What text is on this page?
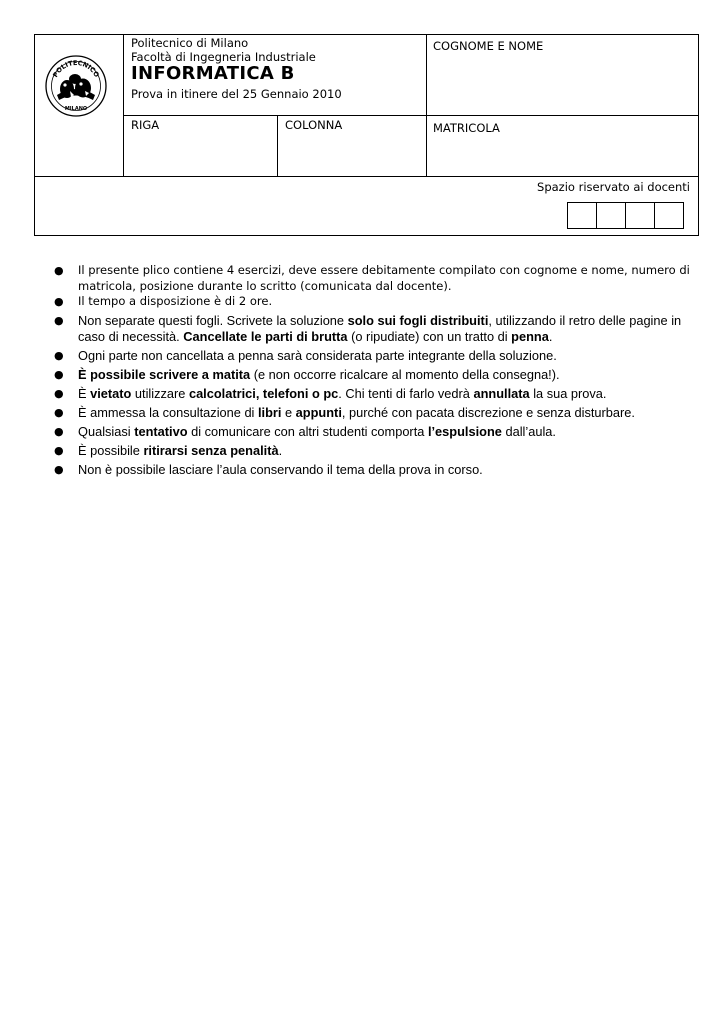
POLITECNICO
MILANO
Politecnico di Milano
Facoltà di Ingegneria Industriale
INFORMATICA B
Prova in itinere del 25 Gennaio 2010
COGNOME E NOME
RIGA	COLONNA	MATRICOLA
Spazio riservato ai docenti
● Il presente plico contiene 4 esercizi, deve essere debitamente compilato con cognome e nome, numero di matricola, posizione durante lo scritto (comunicata dal docente).
● Il tempo a disposizione è di 2 ore.
● Non separate questi fogli. Scrivete la soluzione solo sui fogli distribuiti, utilizzando il retro delle pagine in caso di necessità. Cancellate le parti di brutta (o ripudiate) con un tratto di penna.
● Ogni parte non cancellata a penna sarà considerata parte integrante della soluzione.
● È possibile scrivere a matita (e non occorre ricalcare al momento della consegna!).
● È vietato utilizzare calcolatrici, telefoni o pc. Chi tenti di farlo vedrà annullata la sua prova.
● È ammessa la consultazione di libri e appunti, purché con pacata discrezione e senza disturbare.
● Qualsiasi tentativo di comunicare con altri studenti comporta l’espulsione dall’aula.
● È possibile ritirarsi senza penalità.
● Non è possibile lasciare l’aula conservando il tema della prova in corso.
